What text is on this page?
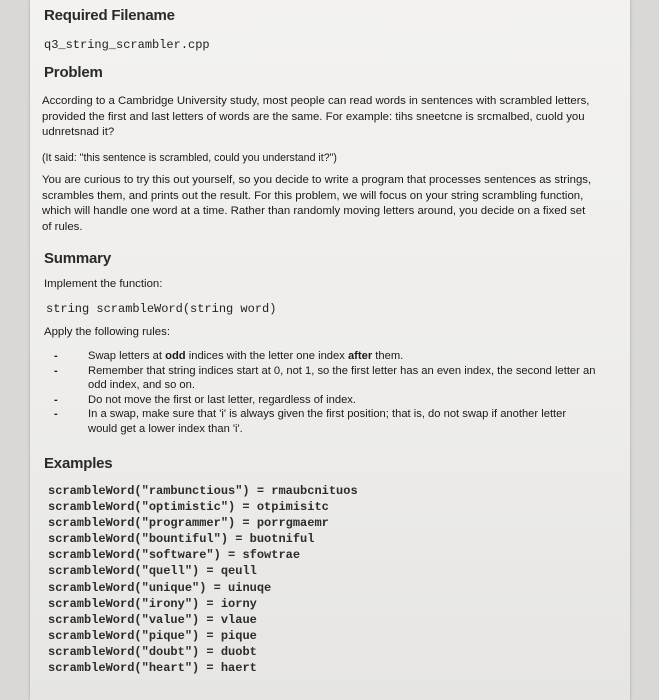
Required Filename
q3_string_scrambler.cpp
Problem
According to a Cambridge University study, most people can read words in sentences with scrambled letters, provided the first and last letters of words are the same. For example: tihs sneetcne is srcmalbed, cuold you udnretsnad it?
(It said: "this sentence is scrambled, could you understand it?")
You are curious to try this out yourself, so you decide to write a program that processes sentences as strings, scrambles them, and prints out the result. For this problem, we will focus on your string scrambling function, which will handle one word at a time. Rather than randomly moving letters around, you decide on a fixed set of rules.
Summary
Implement the function:
string scrambleWord(string word)
Apply the following rules:
-	Swap letters at odd indices with the letter one index after them.
-	Remember that string indices start at 0, not 1, so the first letter has an even index, the second letter an odd index, and so on.
-	Do not move the first or last letter, regardless of index.
-	In a swap, make sure that 'i' is always given the first position; that is, do not swap if another letter would get a lower index than 'i'.
Examples
scrambleWord("rambunctious") = rmaubcnituos
scrambleWord("optimistic") = otpimisitc
scrambleWord("programmer") = porrgmaemr
scrambleWord("bountiful") = buotniful
scrambleWord("software") = sfowtrae
scrambleWord("quell") = qeull
scrambleWord("unique") = uinuqe
scrambleWord("irony") = iorny
scrambleWord("value") = vlaue
scrambleWord("pique") = pique
scrambleWord("doubt") = duobt
scrambleWord("heart") = haert
